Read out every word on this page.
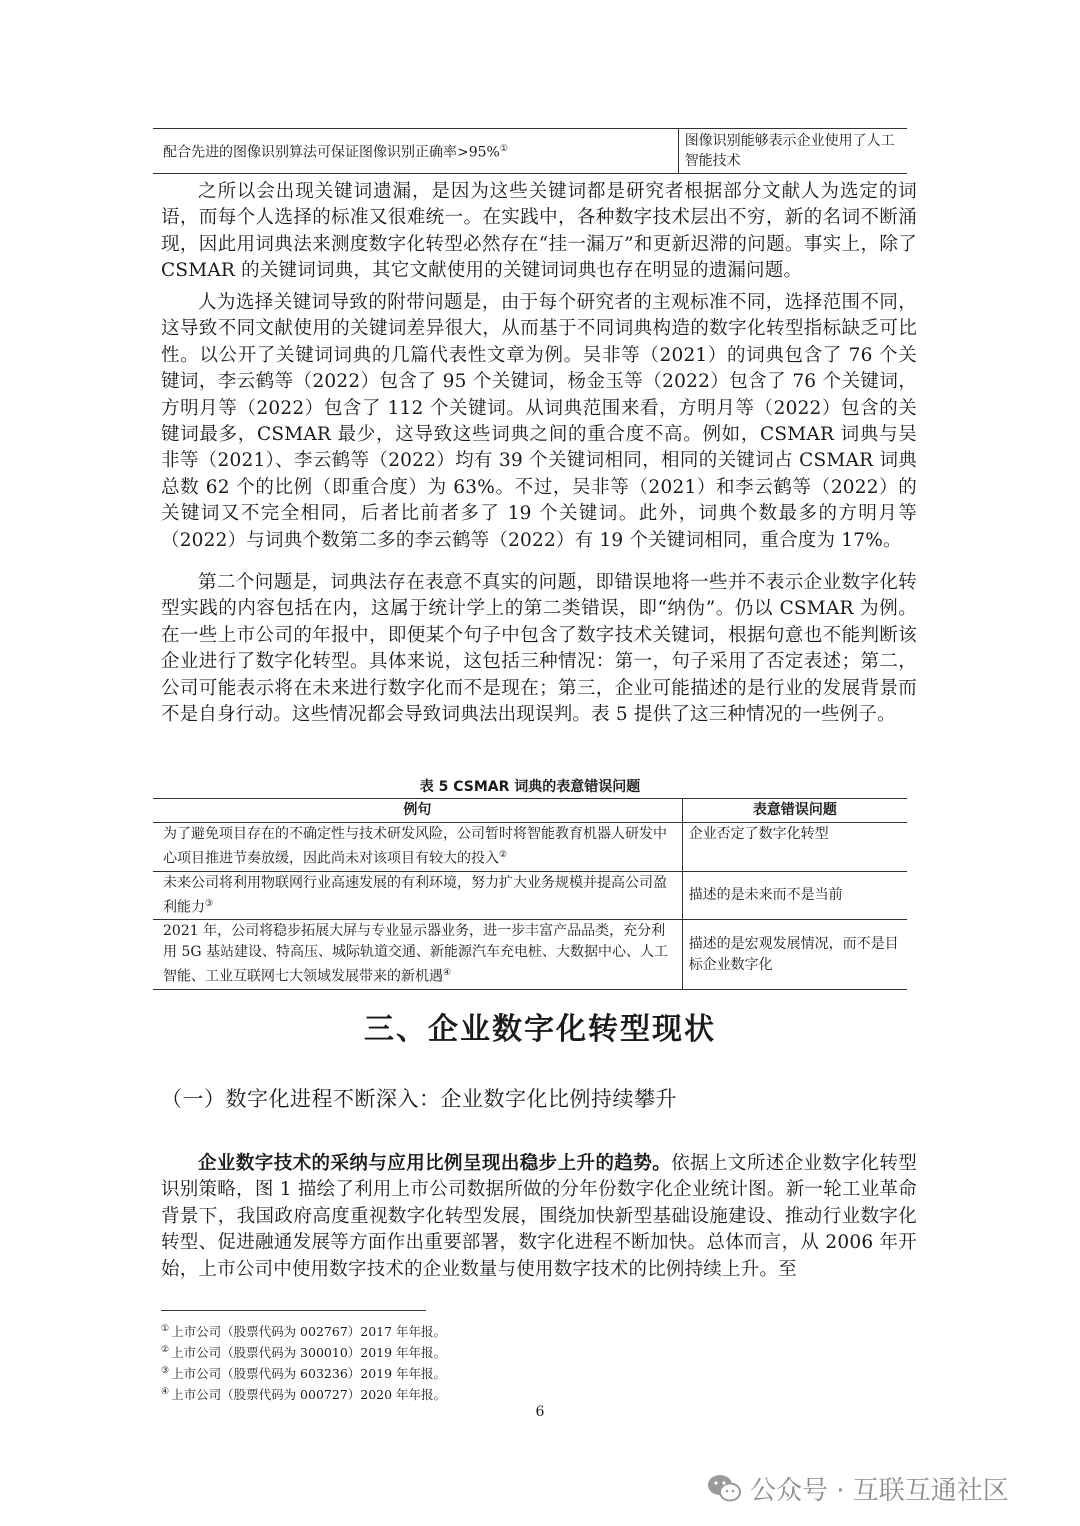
配合先进的图像识别算法可保证图像识别正确率>95%①	图像识别能够表示企业使用了人工智能技术

之所以会出现关键词遗漏，是因为这些关键词都是研究者根据部分文献人为选定的词语，而每个人选择的标准又很难统一。在实践中，各种数字技术层出不穷，新的名词不断涌现，因此用词典法来测度数字化转型必然存在“挂一漏万”和更新迟滞的问题。事实上，除了 CSMAR 的关键词词典，其它文献使用的关键词词典也存在明显的遗漏问题。

人为选择关键词导致的附带问题是，由于每个研究者的主观标准不同，选择范围不同，这导致不同文献使用的关键词差异很大，从而基于不同词典构造的数字化转型指标缺乏可比性。以公开了关键词词典的几篇代表性文章为例。吴非等（2021）的词典包含了 76 个关键词，李云鹤等（2022）包含了 95 个关键词，杨金玉等（2022）包含了 76 个关键词，方明月等（2022）包含了 112 个关键词。从词典范围来看，方明月等（2022）包含的关键词最多，CSMAR 最少，这导致这些词典之间的重合度不高。例如，CSMAR 词典与吴非等（2021）、李云鹤等（2022）均有 39 个关键词相同，相同的关键词占 CSMAR 词典总数 62 个的比例（即重合度）为 63%。不过，吴非等（2021）和李云鹤等（2022）的关键词又不完全相同，后者比前者多了 19 个关键词。此外，词典个数最多的方明月等（2022）与词典个数第二多的李云鹤等（2022）有 19 个关键词相同，重合度为 17%。

第二个问题是，词典法存在表意不真实的问题，即错误地将一些并不表示企业数字化转型实践的内容包括在内，这属于统计学上的第二类错误，即“纳伪”。仍以 CSMAR 为例。在一些上市公司的年报中，即便某个句子中包含了数字技术关键词，根据句意也不能判断该企业进行了数字化转型。具体来说，这包括三种情况：第一，句子采用了否定表述；第二，公司可能表示将在未来进行数字化而不是现在；第三，企业可能描述的是行业的发展背景而不是自身行动。这些情况都会导致词典法出现误判。表 5 提供了这三种情况的一些例子。

表 5 CSMAR 词典的表意错误问题
例句	表意错误问题
为了避免项目存在的不确定性与技术研发风险，公司暂时将智能教育机器人研发中心项目推进节奏放缓，因此尚未对该项目有较大的投入②	企业否定了数字化转型
未来公司将利用物联网行业高速发展的有利环境，努力扩大业务规模并提高公司盈利能力③	描述的是未来而不是当前
2021 年，公司将稳步拓展大屏与专业显示器业务，进一步丰富产品品类，充分利用 5G 基站建设、特高压、城际轨道交通、新能源汽车充电桩、大数据中心、人工智能、工业互联网七大领域发展带来的新机遇④	描述的是宏观发展情况，而不是目标企业数字化
三、企业数字化转型现状
（一）数字化进程不断深入：企业数字化比例持续攀升

企业数字技术的采纳与应用比例呈现出稳步上升的趋势。依据上文所述企业数字化转型识别策略，图 1 描绘了利用上市公司数据所做的分年份数字化企业统计图。新一轮工业革命背景下，我国政府高度重视数字化转型发展，围绕加快新型基础设施建设、推动行业数字化转型、促进融通发展等方面作出重要部署，数字化进程不断加快。总体而言，从 2006 年开始，上市公司中使用数字技术的企业数量与使用数字技术的比例持续上升。至

① 上市公司（股票代码为 002767）2017 年年报。
② 上市公司（股票代码为 300010）2019 年年报。
③ 上市公司（股票代码为 603236）2019 年年报。
④ 上市公司（股票代码为 000727）2020 年年报。
6
公众号 · 互联互通社区
